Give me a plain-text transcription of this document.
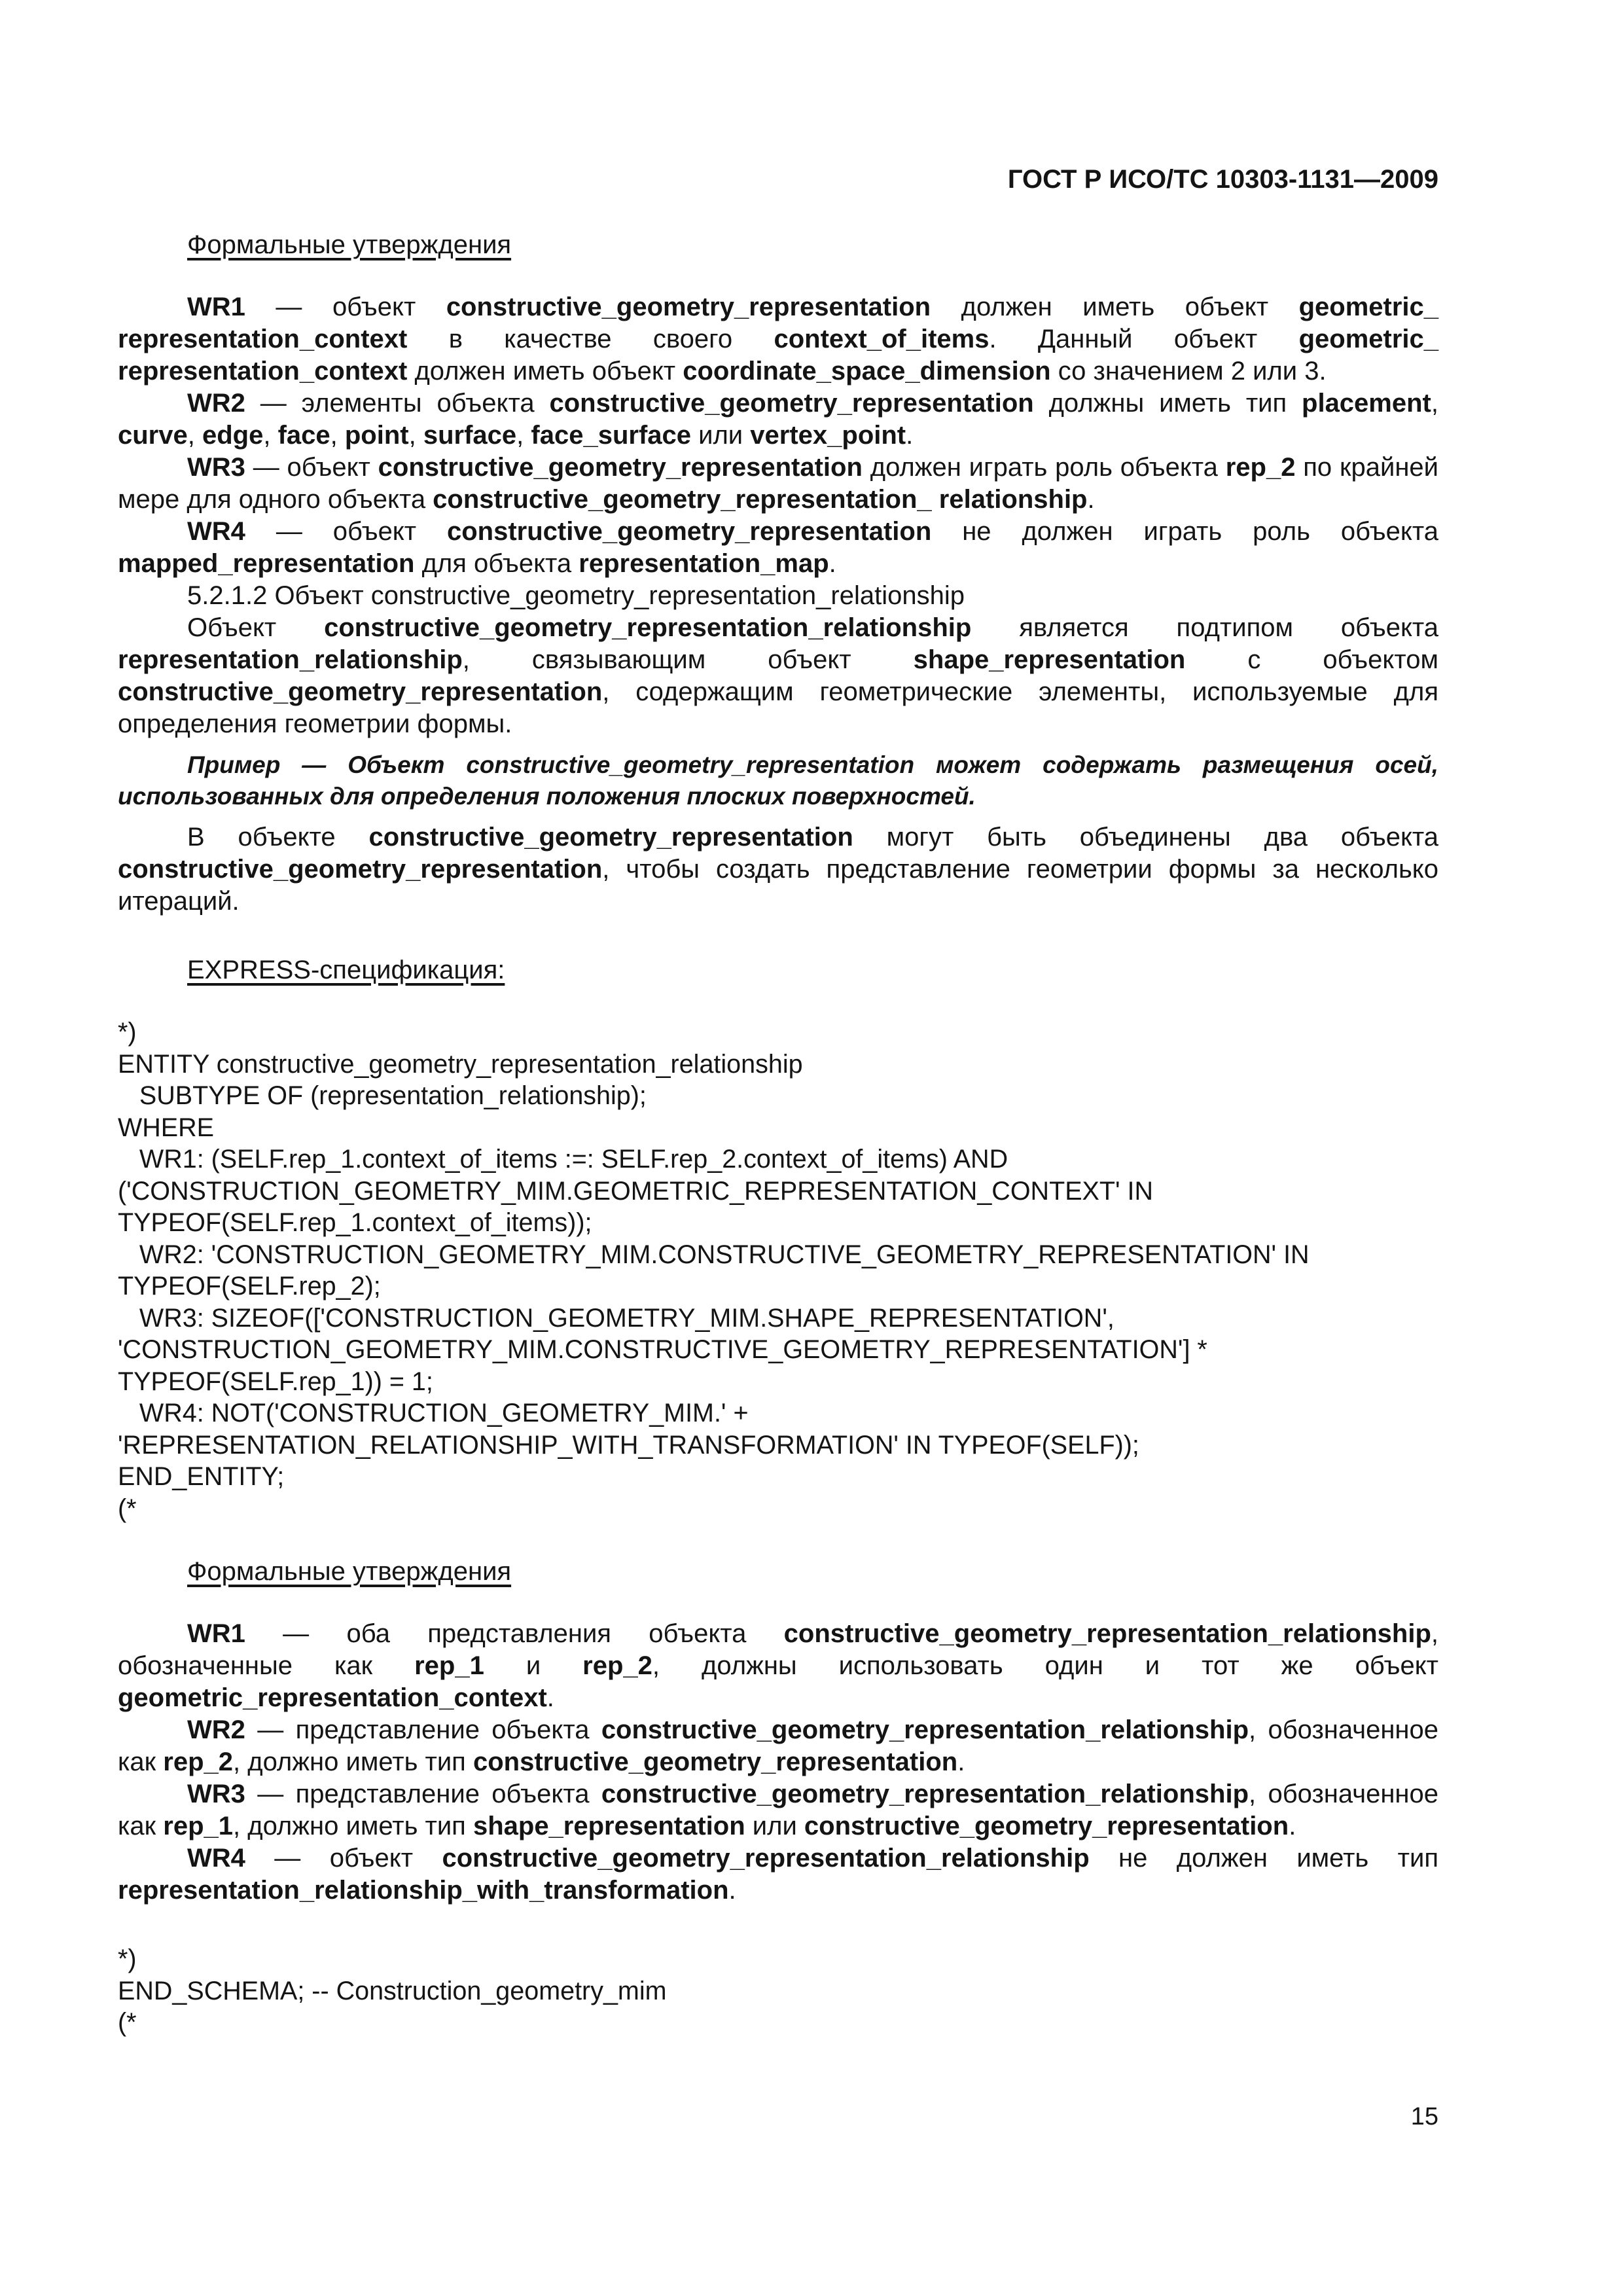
ГОСТ Р ИСО/ТС 10303-1131—2009
Формальные утверждения

WR1 — объект constructive_geometry_representation должен иметь объект geometric_ representation_context в качестве своего context_of_items. Данный объект geometric_ representation_context должен иметь объект coordinate_space_dimension со значением 2 или 3.

WR2 — элементы объекта constructive_geometry_representation должны иметь тип placement, curve, edge, face, point, surface, face_surface или vertex_point.

WR3 — объект constructive_geometry_representation должен играть роль объекта rep_2 по крайней мере для одного объекта constructive_geometry_representation_ relationship.

WR4 — объект constructive_geometry_representation не должен играть роль объекта mapped_representation для объекта representation_map.

5.2.1.2 Объект constructive_geometry_representation_relationship

Объект constructive_geometry_representation_relationship является подтипом объекта representation_relationship, связывающим объект shape_representation с объектом constructive_geometry_representation, содержащим геометрические элементы, используемые для определения геометрии формы.

Пример — Объект constructive_geometry_representation может содержать размещения осей, использованных для определения положения плоских поверхностей.

В объекте constructive_geometry_representation могут быть объединены два объекта constructive_geometry_representation, чтобы создать представление геометрии формы за несколько итераций.

EXPRESS-спецификация:
*)
ENTITY constructive_geometry_representation_relationship
SUBTYPE OF (representation_relationship);
WHERE
WR1: (SELF.rep_1.context_of_items :=: SELF.rep_2.context_of_items) AND
('CONSTRUCTION_GEOMETRY_MIM.GEOMETRIC_REPRESENTATION_CONTEXT' IN
TYPEOF(SELF.rep_1.context_of_items));
WR2: 'CONSTRUCTION_GEOMETRY_MIM.CONSTRUCTIVE_GEOMETRY_REPRESENTATION' IN
TYPEOF(SELF.rep_2);
WR3: SIZEOF(['CONSTRUCTION_GEOMETRY_MIM.SHAPE_REPRESENTATION',
'CONSTRUCTION_GEOMETRY_MIM.CONSTRUCTIVE_GEOMETRY_REPRESENTATION'] *
TYPEOF(SELF.rep_1)) = 1;
WR4: NOT('CONSTRUCTION_GEOMETRY_MIM.' +
'REPRESENTATION_RELATIONSHIP_WITH_TRANSFORMATION' IN TYPEOF(SELF));
END_ENTITY;
(*
Формальные утверждения

WR1 — оба представления объекта constructive_geometry_representation_relationship, обозначенные как rep_1 и rep_2, должны использовать один и тот же объект geometric_representation_context.

WR2 — представление объекта constructive_geometry_representation_relationship, обозначенное как rep_2, должно иметь тип constructive_geometry_representation.

WR3 — представление объекта constructive_geometry_representation_relationship, обозначенное как rep_1, должно иметь тип shape_representation или constructive_geometry_representation.

WR4 — объект constructive_geometry_representation_relationship не должен иметь тип representation_relationship_with_transformation.

*)
END_SCHEMA; -- Construction_geometry_mim
(*
15
